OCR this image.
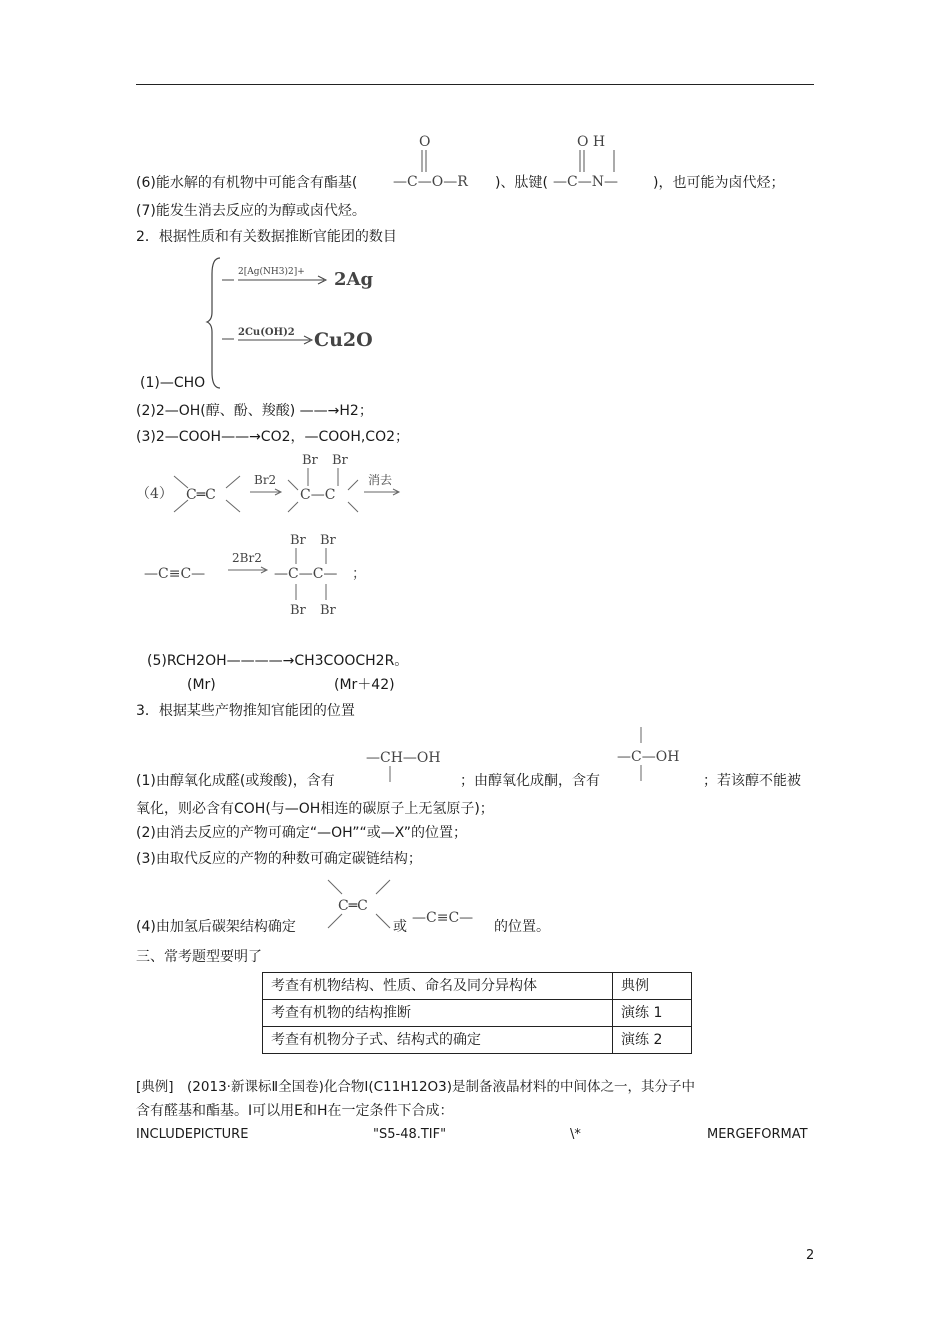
(6)能水解的有机物中可能含有酯基(
O
—C—O—R )、肽键(
O H
—C—N—	)，也可能为卤代烃；
(7)能发生消去反应的为醇或卤代烃。
2．根据性质和有关数据推断官能团的数目
2[Ag(NH3)2]+ 2Ag
2Cu(OH)2 Cu2O
(1)—CHO
(2)2—OH(醇、酚、羧酸) ——→H2；
(3)2—COOH——→CO2，—COOH,CO2；
（4） C═C
Br2
Br Br
C—C
消去
—C≡C—
2Br2
Br Br
—C—C— ；
Br Br
(5)RCH2OH————→CH3COOCH2R。
(Mr)	(Mr＋42)
3．根据某些产物推知官能团的位置
—CH—OH	—C—OH
(1)由醇氧化成醛(或羧酸)，含有	；由醇氧化成酮，含有	；若该醇不能被
氧化，则必含有COH(与—OH相连的碳原子上无氢原子)；
(2)由消去反应的产物可确定“—OH”“或—X”的位置；
(3)由取代反应的产物的种数可确定碳链结构；
C═C
—C≡C—
(4)由加氢后碳架结构确定	或	的位置。
三、常考题型要明了
考查有机物结构、性质、命名及同分异构体	典例
考查有机物的结构推断	演练 1
考查有机物分子式、结构式的确定	演练 2
[典例]　(2013·新课标Ⅱ全国卷)化合物I(C11H12O3)是制备液晶材料的中间体之一，其分子中
含有醛基和酯基。I可以用E和H在一定条件下合成：
INCLUDEPICTURE	"S5-48.TIF"	\*	MERGEFORMAT
2
